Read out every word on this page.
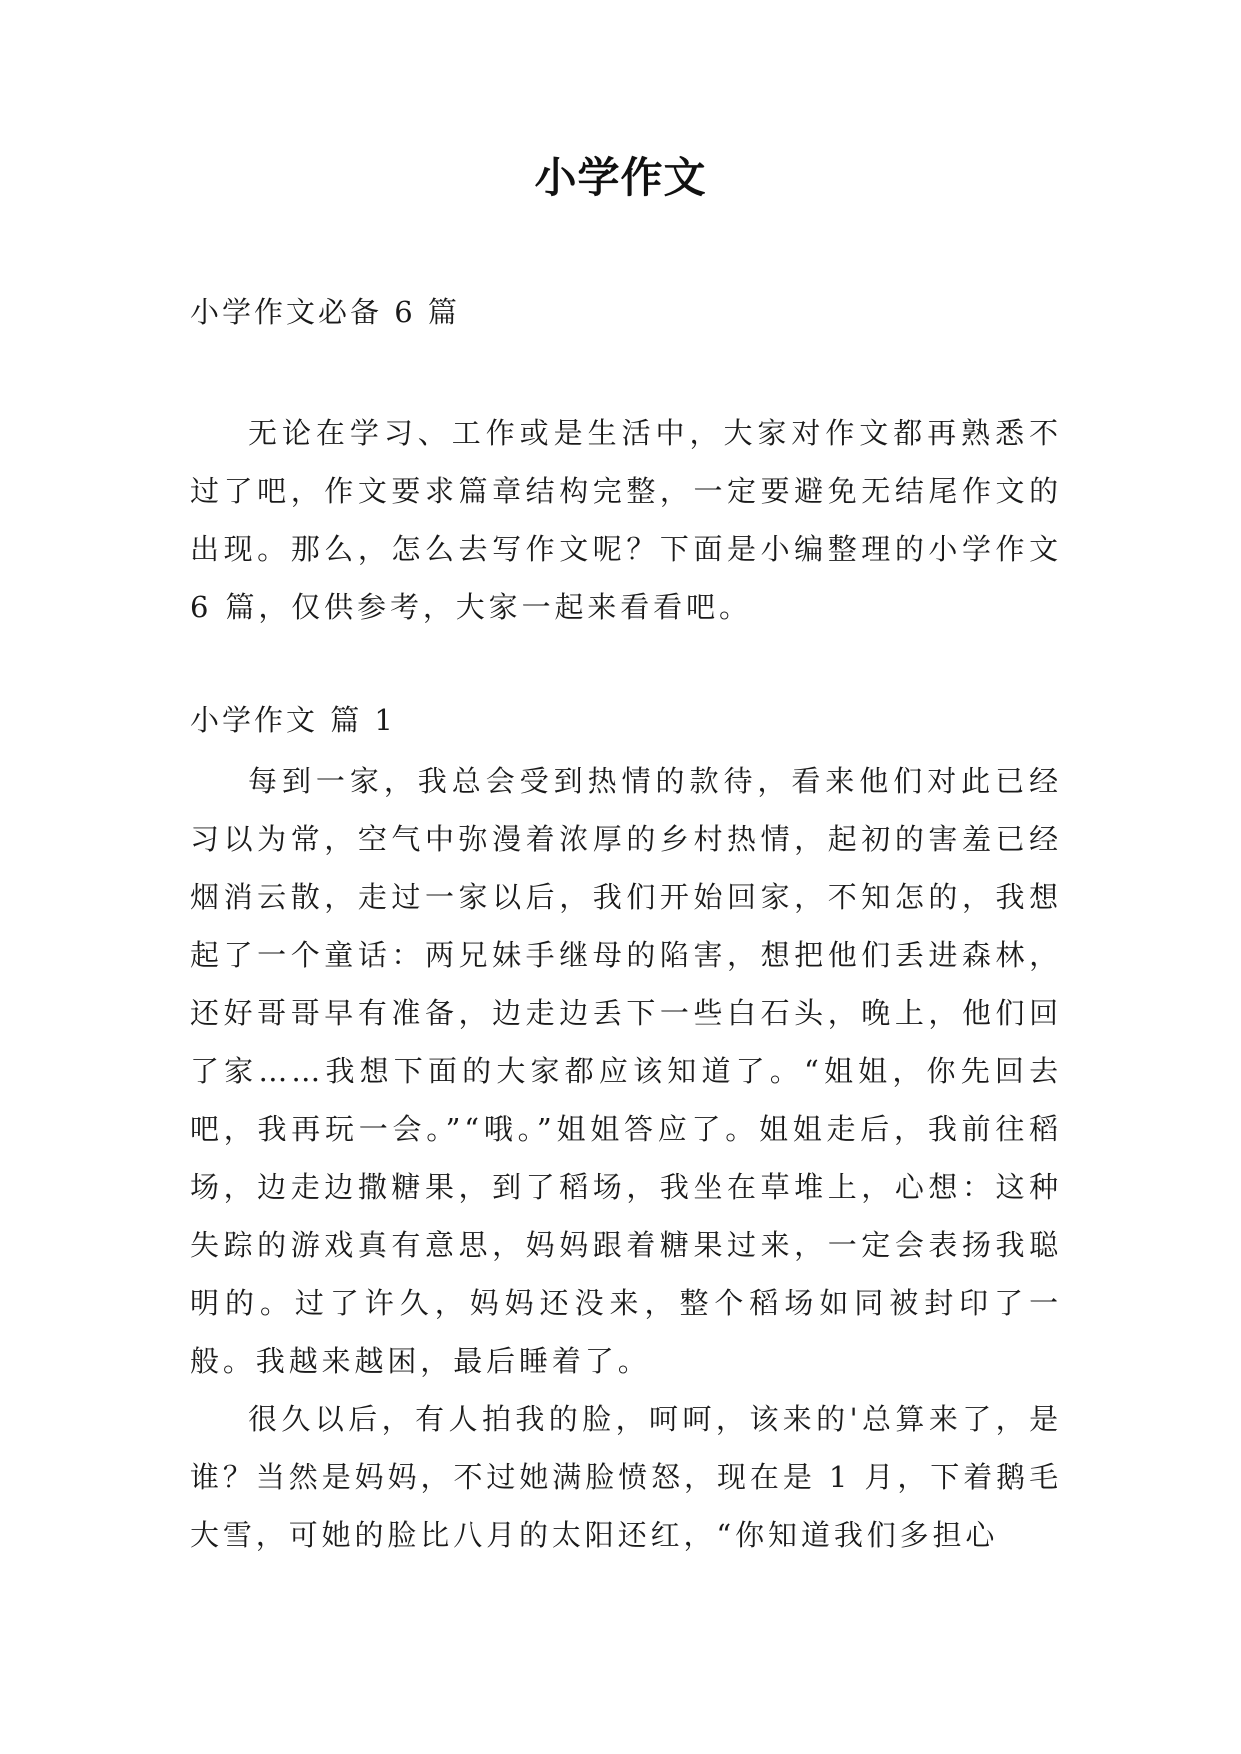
小学作文
小学作文必备 6 篇

无论在学习、工作或是生活中，大家对作文都再熟悉不过了吧，作文要求篇章结构完整，一定要避免无结尾作文的出现。那么，怎么去写作文呢？下面是小编整理的小学作文 6 篇，仅供参考，大家一起来看看吧。

小学作文 篇 1

每到一家，我总会受到热情的款待，看来他们对此已经习以为常，空气中弥漫着浓厚的乡村热情，起初的害羞已经烟消云散，走过一家以后，我们开始回家，不知怎的，我想起了一个童话：两兄妹手继母的陷害，想把他们丢进森林，还好哥哥早有准备，边走边丢下一些白石头，晚上，他们回了家……我想下面的大家都应该知道了。“姐姐，你先回去吧，我再玩一会。”“哦。”姐姐答应了。姐姐走后，我前往稻场，边走边撒糖果，到了稻场，我坐在草堆上，心想：这种失踪的游戏真有意思，妈妈跟着糖果过来，一定会表扬我聪明的。过了许久，妈妈还没来，整个稻场如同被封印了一般。我越来越困，最后睡着了。

很久以后，有人拍我的脸，呵呵，该来的'总算来了，是谁？当然是妈妈，不过她满脸愤怒，现在是 1 月，下着鹅毛大雪，可她的脸比八月的太阳还红，“你知道我们多担心
